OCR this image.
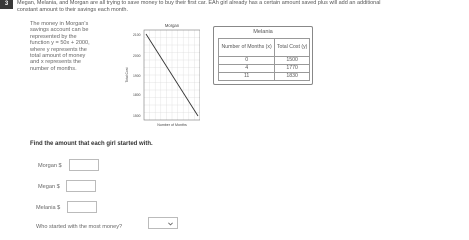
3	Megan, Melania, and Morgan are all trying to save money to buy their first car. EAh girl already has a certain amount saved plus will add an additional
constant amount to their savings each month.
The money in Morgan's
savings account can be
represented by the
function y = 50x + 2000,
where y represents the
total amount of money
and x represents the
number of months.
Morgan
2100
2000
1900
1800
1500
Total Cost
Number of Months
Melania
Number of Months (x)	Total Cost (y)
0	1500
4	1770
11	1830
Find the amount that each girl started with.
Morgan $
Megan $
Melania $
Who started with the most money?
